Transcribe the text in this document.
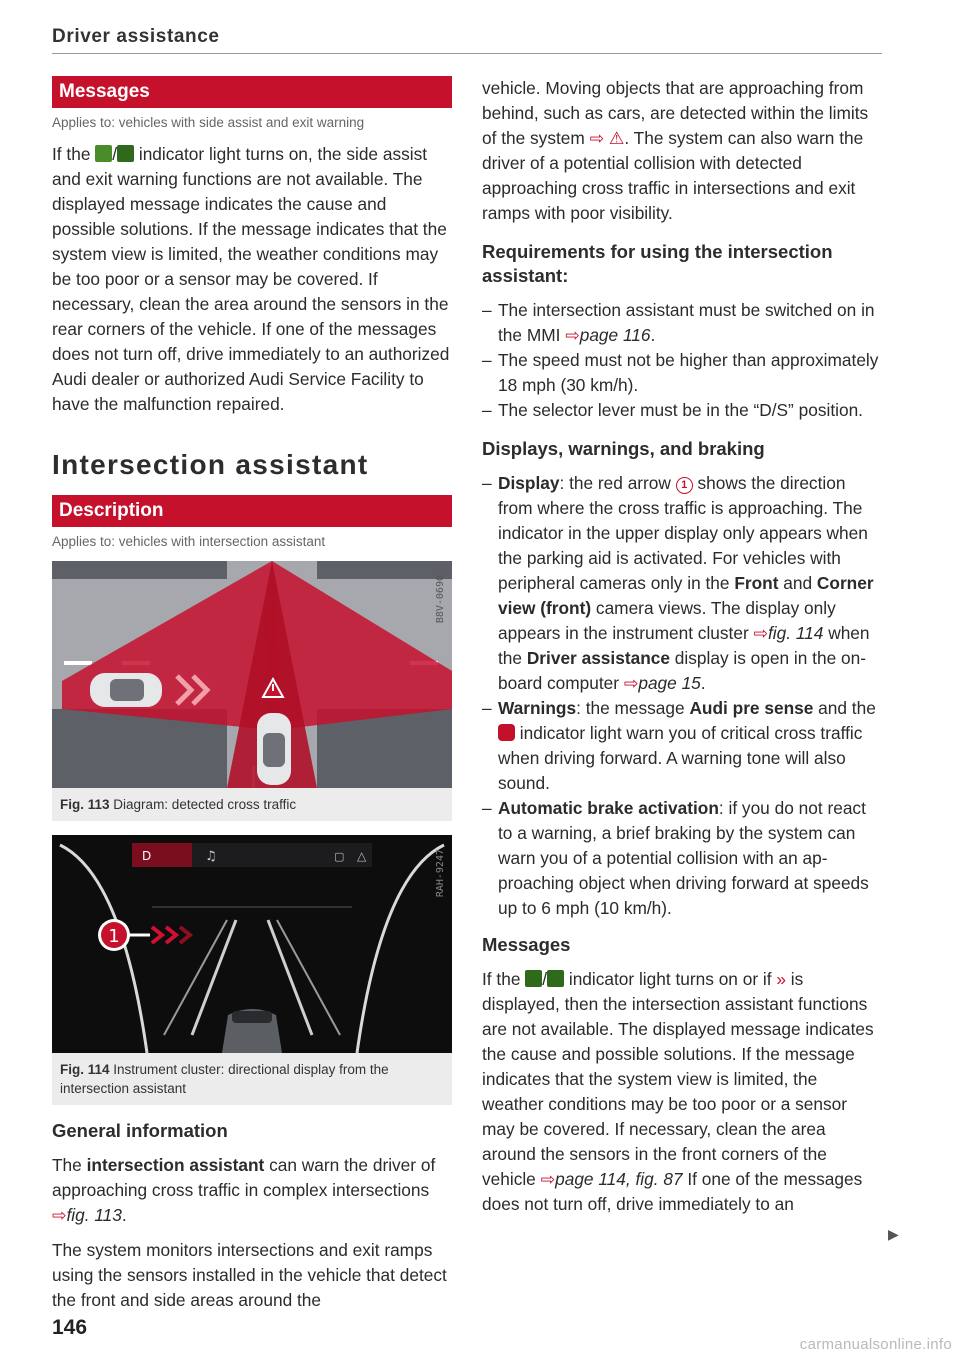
Driver assistance
Messages
Applies to: vehicles with side assist and exit warning

If the / indicator light turns on, the side assist and exit warning functions are not available. The displayed message indicates the cause and possible solutions. If the message indicates that the system view is limited, the weather conditions may be too poor or a sensor may be covered. If necessary, clean the area around the sensors in the rear corners of the vehicle. If one of the messages does not turn off, drive immediately to an authorized Audi dealer or authorized Audi Service Facility to have the malfunction repaired.

Intersection assistant
Description
Applies to: vehicles with intersection assistant
B8V-0690
Fig. 113 Diagram: detected cross traffic
D	♫	▢ △
1
RAH-9247
Fig. 114 Instrument cluster: directional display from the intersection assistant
General information

The intersection assistant can warn the driver of approaching cross traffic in complex intersections ⇨fig. 113.

The system monitors intersections and exit ramps using the sensors installed in the vehicle that detect the front and side areas around the

vehicle. Moving objects that are approaching from behind, such as cars, are detected within the limits of the system ⇨ ⚠. The system can also warn the driver of a potential collision with detected approaching cross traffic in intersections and exit ramps with poor visibility.

Requirements for using the intersection assistant:
– The intersection assistant must be switched on in the MMI ⇨page 116.
– The speed must not be higher than approximately 18 mph (30 km/h).
– The selector lever must be in the “D/S” position.
Displays, warnings, and braking
– Display: the red arrow 1 shows the direction from where the cross traffic is approaching. The indicator in the upper display only appears when the parking aid is activated. For vehicles with peripheral cameras only in the Front and Corner view (front) camera views. The display only appears in the instrument cluster ⇨fig. 114 when the Driver assistance display is open in the on-board computer ⇨page 15.
– Warnings: the message Audi pre sense and the  indicator light warn you of critical cross traffic when driving forward. A warning tone will also sound.
– Automatic brake activation: if you do not react to a warning, a brief braking by the system can warn you of a potential collision with an approaching object when driving forward at speeds up to 6 mph (10 km/h).
Messages

If the / indicator light turns on or if » is displayed, then the intersection assistant functions are not available. The displayed message indicates the cause and possible solutions. If the message indicates that the system view is limited, the weather conditions may be too poor or a sensor may be covered. If necessary, clean the area around the sensors in the front corners of the vehicle ⇨page 114, fig. 87 If one of the messages does not turn off, drive immediately to an

▶
146
carmanualsonline.info
